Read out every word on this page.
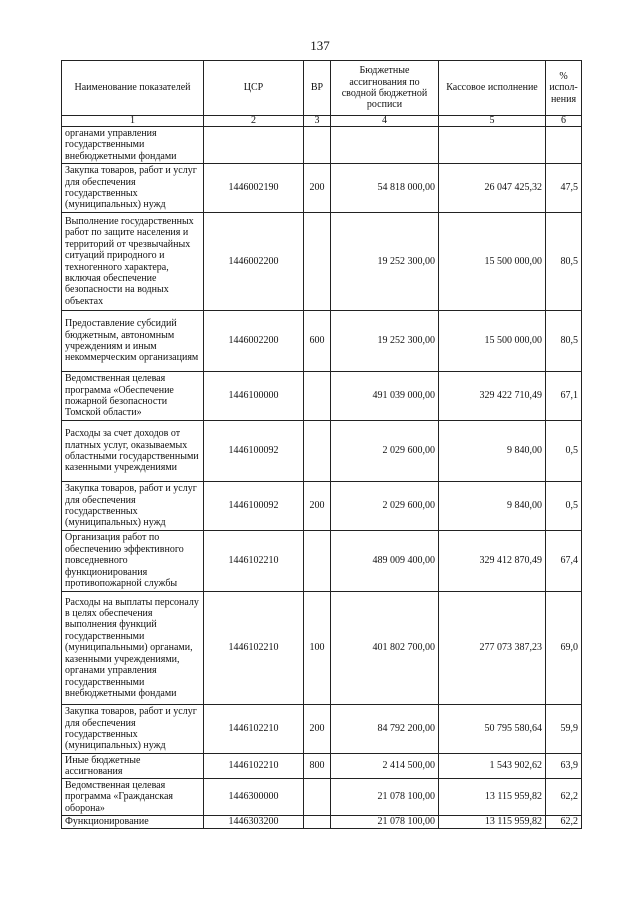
137
Наименование показателей	ЦСР	ВР	Бюджетные ассигнования по сводной бюджетной росписи	Кассовое исполнение	% испол-нения
1	2	3	4	5	6
органами управления государственными внебюджетными фондами					
Закупка товаров, работ и услуг для обеспечения государственных (муниципальных) нужд	1446002190	200	54 818 000,00	26 047 425,32	47,5
Выполнение государственных работ по защите населения и территорий от чрезвычайных ситуаций природного и техногенного характера, включая обеспечение безопасности на водных объектах	1446002200		19 252 300,00	15 500 000,00	80,5
Предоставление субсидий бюджетным, автономным учреждениям и иным некоммерческим организациям	1446002200	600	19 252 300,00	15 500 000,00	80,5
Ведомственная целевая программа «Обеспечение пожарной безопасности Томской области»	1446100000		491 039 000,00	329 422 710,49	67,1
Расходы за счет доходов от платных услуг, оказываемых областными государственными казенными учреждениями	1446100092		2 029 600,00	9 840,00	0,5
Закупка товаров, работ и услуг для обеспечения государственных (муниципальных) нужд	1446100092	200	2 029 600,00	9 840,00	0,5
Организация работ по обеспечению эффективного повседневного функционирования противопожарной службы	1446102210		489 009 400,00	329 412 870,49	67,4
Расходы на выплаты персоналу в целях обеспечения выполнения функций государственными (муниципальными) органами, казенными учреждениями, органами управления государственными внебюджетными фондами	1446102210	100	401 802 700,00	277 073 387,23	69,0
Закупка товаров, работ и услуг для обеспечения государственных (муниципальных) нужд	1446102210	200	84 792 200,00	50 795 580,64	59,9
Иные бюджетные ассигнования	1446102210	800	2 414 500,00	1 543 902,62	63,9
Ведомственная целевая программа «Гражданская оборона»	1446300000		21 078 100,00	13 115 959,82	62,2
Функционирование	1446303200		21 078 100,00	13 115 959,82	62,2
